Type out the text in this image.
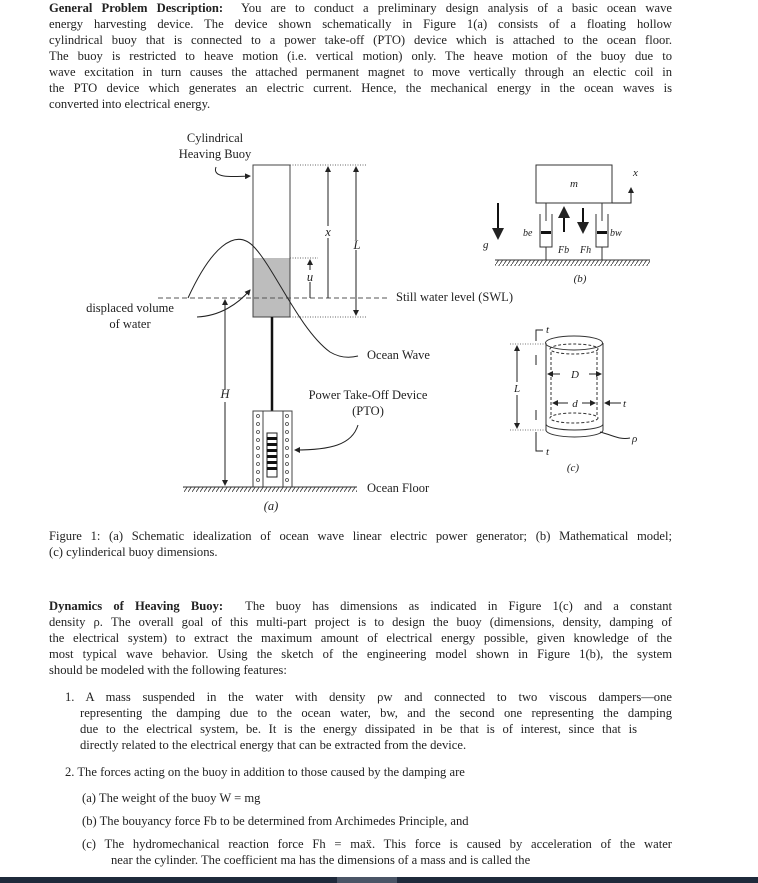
General Problem Description: You are to conduct a preliminary design analysis of a basic ocean wave
energy harvesting device. The device shown schematically in Figure 1(a) consists of a floating hollow
cylindrical buoy that is connected to a power take-off (PTO) device which is attached to the ocean floor.
The buoy is restricted to heave motion (i.e. vertical motion) only. The heave motion of the buoy due to
wave excitation in turn causes the attached permanent magnet to move vertically through an electic coil in
the PTO device which generates an electric current. Hence, the mechanical energy in the ocean waves is
converted into electrical energy.
Cylindrical
Heaving Buoy
x
L
u
Ocean Wave
displaced volume
of water
H	Power Take-Off Device
(PTO)
Ocean Floor
(a)
m
x
g
be	bw
Fb Fh
(b)
Still water level (SWL)
L
t
t
D
d	t
ρ
(c)
Figure 1: (a) Schematic idealization of ocean wave linear electric power generator; (b) Mathematical model;
(c) cylinderical buoy dimensions.
Dynamics of Heaving Buoy: The buoy has dimensions as indicated in Figure 1(c) and a constant
density ρ. The overall goal of this multi-part project is to design the buoy (dimensions, density, damping of
the electrical system) to extract the maximum amount of electrical energy possible, given knowledge of the
most typical wave behavior. Using the sketch of the engineering model shown in Figure 1(b), the system
should be modeled with the following features:
1. A mass suspended in the water with density ρw and connected to two viscous dampers—one
representing the damping due to the ocean water, bw, and the second one representing the damping
due to the electrical system, be. It is the energy dissipated in be that is of interest, since that is
directly related to the electrical energy that can be extracted from the device.
2. The forces acting on the buoy in addition to those caused by the damping are
(a) The weight of the buoy W = mg
(b) The bouyancy force Fb to be determined from Archimedes Principle, and
(c) The hydromechanical reaction force Fh = maẍ. This force is caused by acceleration of the water
near the cylinder. The coefficient ma has the dimensions of a mass and is called the
